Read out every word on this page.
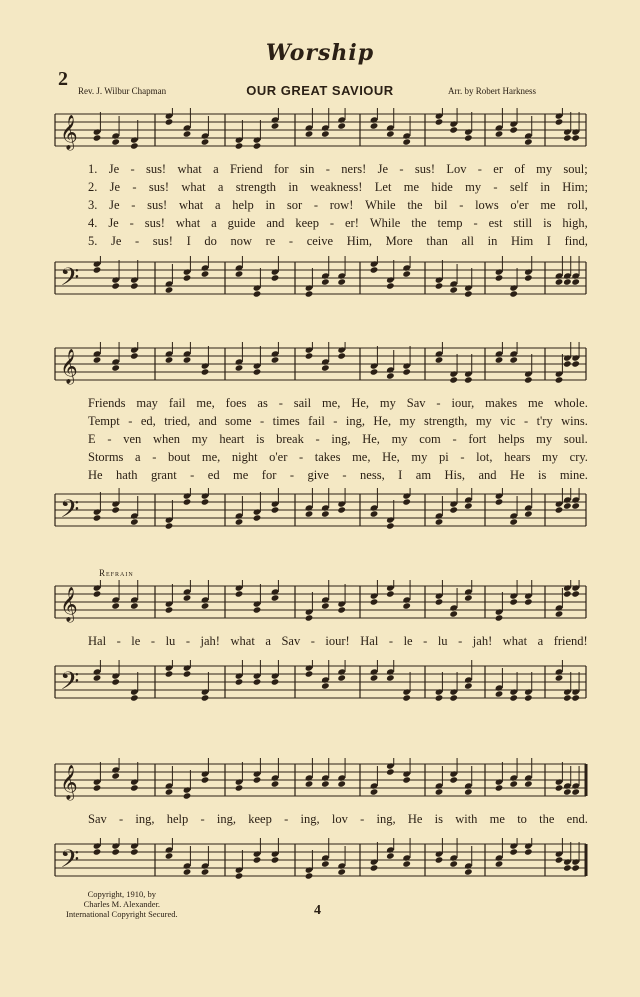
Worship
2
Rev. J. Wilbur Chapman	OUR GREAT SAVIOUR	Arr. by Robert Harkness
𝄞
1. Je - sus! what a Friend for sin - ners! Je - sus! Lov - er of my soul;
2. Je - sus! what a strength in weakness! Let me hide my - self in Him;
3. Je - sus! what a help in sor - row! While the bil - lows o'er me roll,
4. Je - sus! what a guide and keep - er! While the temp - est still is high,
5. Je - sus! I do now re - ceive Him, More than all in Him I find,
𝄢
𝄞
Friends may fail me, foes as - sail me, He, my Sav - iour, makes me whole.
Tempt - ed, tried, and some - times fail - ing, He, my strength, my vic - t'ry wins.
E - ven when my heart is break - ing, He, my com - fort helps my soul.
Storms a - bout me, night o'er - takes me, He, my pi - lot, hears my cry.
He hath grant - ed me for - give - ness, I am His, and He is mine.
𝄢
Refrain
𝄞
Hal - le - lu - jah! what a Sav - iour! Hal - le - lu - jah! what a friend!
𝄢
𝄞
Sav - ing, help - ing, keep - ing, lov - ing, He is with me to the end.
𝄢
Copyright, 1910, by
Charles M. Alexander.
International Copyright Secured.	4
